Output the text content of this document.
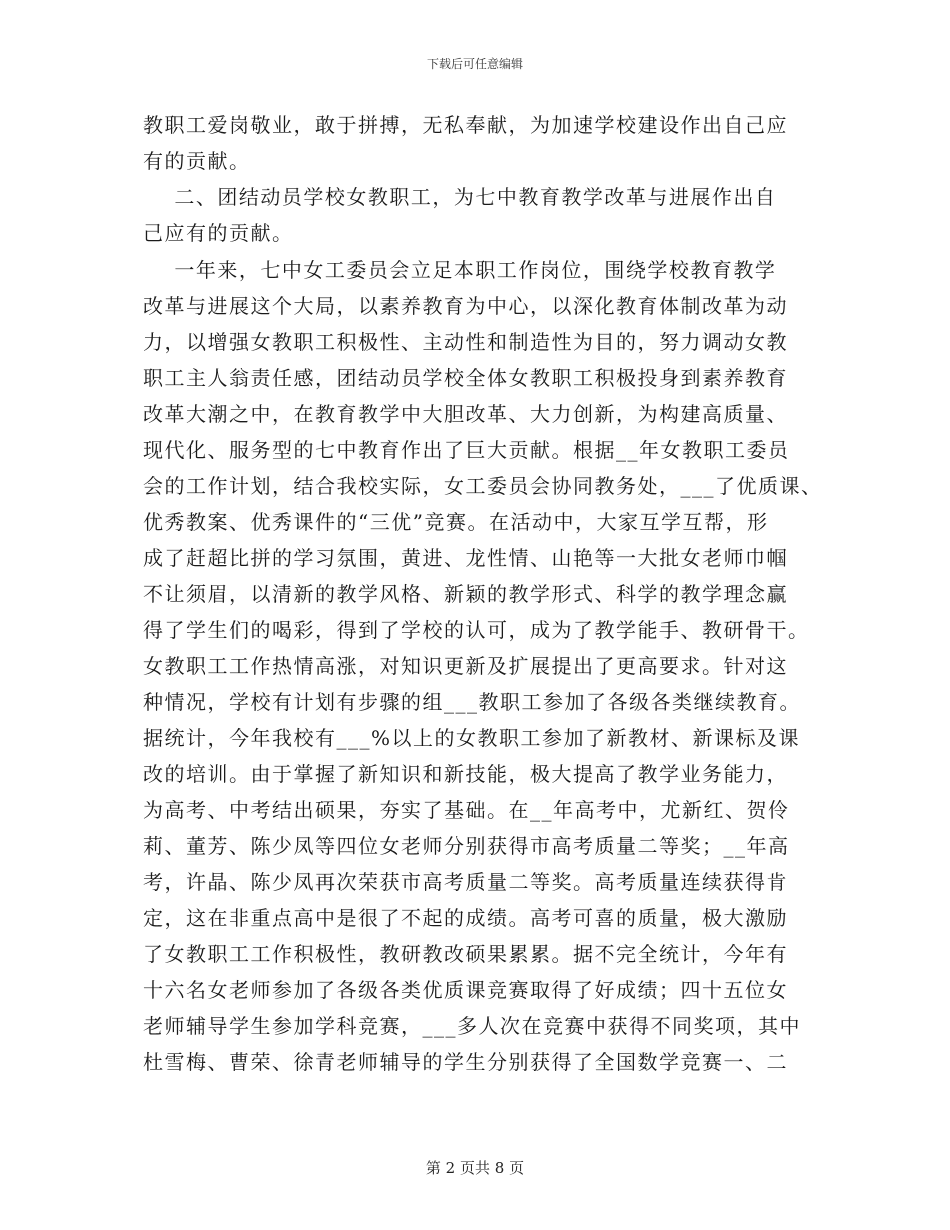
下载后可任意编辑
教职工爱岗敬业，敢于拼搏，无私奉献，为加速学校建设作出自己应
有的贡献。
二、团结动员学校女教职工，为七中教育教学改革与进展作出自
己应有的贡献。
一年来，七中女工委员会立足本职工作岗位，围绕学校教育教学
改革与进展这个大局，以素养教育为中心，以深化教育体制改革为动
力，以增强女教职工积极性、主动性和制造性为目的，努力调动女教
职工主人翁责任感，团结动员学校全体女教职工积极投身到素养教育
改革大潮之中，在教育教学中大胆改革、大力创新，为构建高质量、
现代化、服务型的七中教育作出了巨大贡献。根据__年女教职工委员
会的工作计划，结合我校实际，女工委员会协同教务处，___了优质课、
优秀教案、优秀课件的“三优”竞赛。在活动中，大家互学互帮，形
成了赶超比拼的学习氛围，黄进、龙性情、山艳等一大批女老师巾帼
不让须眉，以清新的教学风格、新颖的教学形式、科学的教学理念赢
得了学生们的喝彩，得到了学校的认可，成为了教学能手、教研骨干。
女教职工工作热情高涨，对知识更新及扩展提出了更高要求。针对这
种情况，学校有计划有步骤的组___教职工参加了各级各类继续教育。
据统计，今年我校有___%以上的女教职工参加了新教材、新课标及课
改的培训。由于掌握了新知识和新技能，极大提高了教学业务能力，
为高考、中考结出硕果，夯实了基础。在__年高考中，尤新红、贺伶
莉、董芳、陈少凤等四位女老师分别获得市高考质量二等奖；__年高
考，许晶、陈少凤再次荣获市高考质量二等奖。高考质量连续获得肯
定，这在非重点高中是很了不起的成绩。高考可喜的质量，极大激励
了女教职工工作积极性，教研教改硕果累累。据不完全统计，今年有
十六名女老师参加了各级各类优质课竞赛取得了好成绩；四十五位女
老师辅导学生参加学科竞赛，___多人次在竞赛中获得不同奖项，其中
杜雪梅、曹荣、徐青老师辅导的学生分别获得了全国数学竞赛一、二
第 2 页共 8 页
